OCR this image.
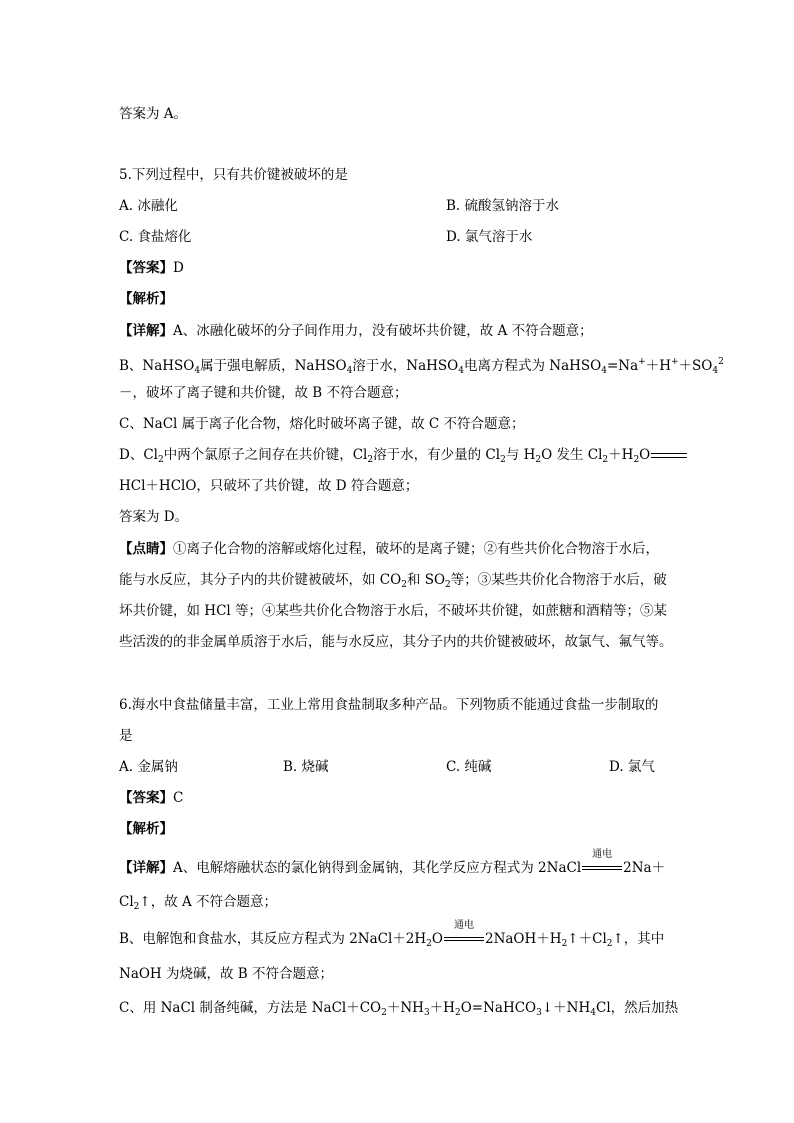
答案为 A。
5.下列过程中，只有共价键被破坏的是
A. 冰融化	B. 硫酸氢钠溶于水
C. 食盐熔化	D. 氯气溶于水
【答案】D
【解析】
【详解】A、冰融化破坏的分子间作用力，没有破坏共价键，故 A 不符合题意；
B、NaHSO$_4$属于强电解质，NaHSO$_4$溶于水，NaHSO$_4$电离方程式为 $NaHSO_4=Na^++H^++SO_4^2$
－，破坏了离子键和共价键，故 B 不符合题意；
C、NaCl 属于离子化合物，熔化时破坏离子键，故 C 不符合题意；
D、$Cl_2$中两个氯原子之间存在共价键，$Cl_2$溶于水，有少量的 $Cl_2$与 $H_2O$ 发生 $Cl_2+H_2O$
HCl＋HClO，只破坏了共价键，故 D 符合题意；
答案为 D。
【点睛】①离子化合物的溶解或熔化过程，破坏的是离子键；②有些共价化合物溶于水后，
能与水反应，其分子内的共价键被破坏，如 $CO_2$和 $SO_2$等；③某些共价化合物溶于水后，破
坏共价键，如 HCl 等；④某些共价化合物溶于水后，不破坏共价键，如蔗糖和酒精等；⑤某
些活泼的的非金属单质溶于水后，能与水反应，其分子内的共价键被破坏，故氯气、氟气等。
6.海水中食盐储量丰富，工业上常用食盐制取多种产品。下列物质不能通过食盐一步制取的
是
A. 金属钠	B. 烧碱	C. 纯碱	D. 氯气
【答案】C
【解析】
【详解】A、电解熔融状态的氯化钠得到金属钠，其化学反应方程式为 2NaCl
通电
2Na＋
$Cl_2↑$，故 A 不符合题意；
B、电解饱和食盐水，其反应方程式为 $2NaCl+2H_2O$
通电
$2NaOH+H_2↑+Cl_2↑$，其中
NaOH 为烧碱，故 B 不符合题意；
C、用 NaCl 制备纯碱，方法是 $NaCl+CO_2+NH_3+H_2O=NaHCO_3↓+NH_4Cl$，然后加热
